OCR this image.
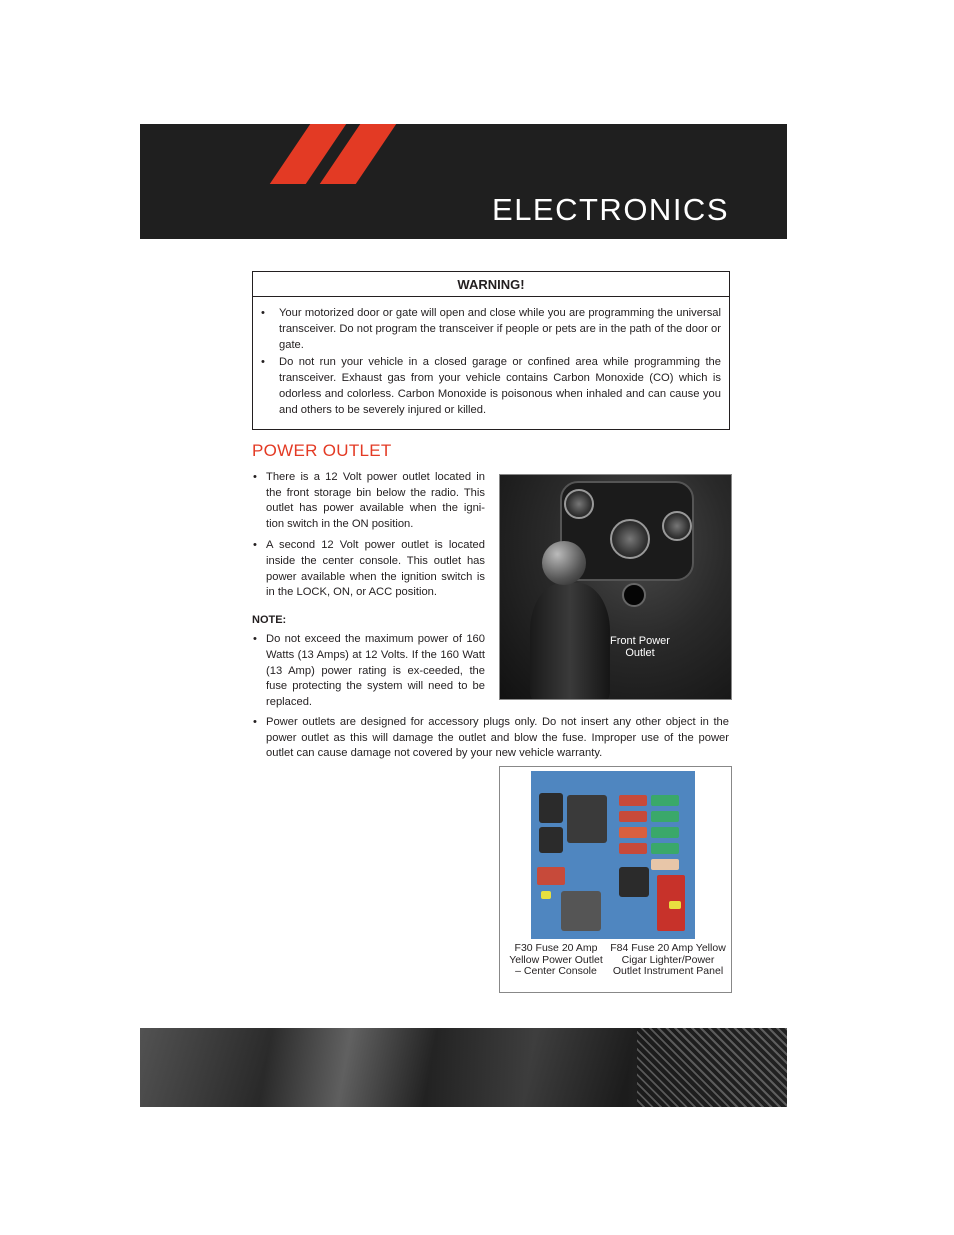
ELECTRONICS
WARNING!
• Your motorized door or gate will open and close while you are programming the universal transceiver. Do not program the transceiver if people or pets are in the path of the door or gate.
• Do not run your vehicle in a closed garage or confined area while programming the transceiver. Exhaust gas from your vehicle contains Carbon Monoxide (CO) which is odorless and colorless. Carbon Monoxide is poisonous when inhaled and can cause you and others to be severely injured or killed.
POWER OUTLET
• There is a 12 Volt power outlet located in the front storage bin below the radio. This outlet has power available when the igni-tion switch in the ON position.
• A second 12 Volt power outlet is located inside the center console. This outlet has power available when the ignition switch is in the LOCK, ON, or ACC position.
NOTE:
• Do not exceed the maximum power of 160 Watts (13 Amps) at 12 Volts. If the 160 Watt (13 Amp) power rating is ex-ceeded, the fuse protecting the system will need to be replaced.
• Power outlets are designed for accessory plugs only. Do not insert any other object in the power outlet as this will damage the outlet and blow the fuse. Improper use of the power outlet can cause damage not covered by your new vehicle warranty.
Front Power Outlet
F30 Fuse 20 Amp Yellow Power Outlet – Center Console
F84 Fuse 20 Amp Yellow Cigar Lighter/Power Outlet Instrument Panel
81
